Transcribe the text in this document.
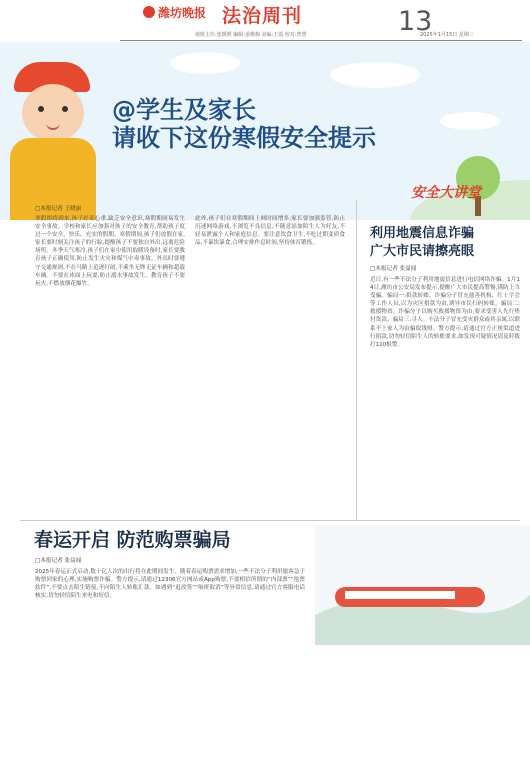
潍坊晚报 法治周刊	13
值班主任:张媛媛 编辑:姜楷梅 美编:王霞 校对:曾慧	2025年1月15日 星期三
@学生及家长
请收下这份寒假安全提示
安全大讲堂
□本报记者 王晓丽
寒假即将到来,孩子好奇心重,缺乏安全意识,寒假期间易发生安全事故。学校和家长应加强对孩子的安全教育,帮助孩子度过一个安全、快乐、充实的假期。寒假期间,孩子们放假在家,家长要时刻关注孩子的行踪,提醒孩子不要独自外出,远离危险场所。冬季天气寒冷,孩子们在家中使用取暖设备时,家长要教育孩子正确使用,防止发生火灾和煤气中毒事故。外出时要遵守交通规则,不在马路上追逐打闹,不乘坐无牌无证车辆和超载车辆。不要在冰面上玩耍,防止溺水事故发生。教育孩子不要玩火,不燃放烟花爆竹。
此外,孩子们在寒假期间上网时间增多,家长要加强监管,防止沉迷网络游戏,不浏览不良信息,不随意添加陌生人为好友,不轻易泄露个人和家庭信息。要注意饮食卫生,不吃过期变质食品,不暴饮暴食,合理安排作息时间,坚持体育锻炼。
利用地震信息诈骗
广大市民请擦亮眼
□本报记者 张曼闻
近日,有一些不法分子利用地震信息进行电信网络诈骗。1月14日,潍坊市公安局发布提示,提醒广大市民提高警惕,谨防上当受骗。骗局一:捐款转账。诈骗分子冒充慈善机构、红十字会等工作人员,以为灾区捐款为由,诱导市民扫码转账。骗局二:救援物资。诈骗分子以购买救援物资为由,要求受害人先行垫付货款。骗局三:寻人。不法分子冒充受灾群众或其亲属,以联系不上家人为由骗取钱财。警方提示:请通过官方正规渠道进行捐款,切勿轻信陌生人的转账要求,如发现可疑情况请及时拨打110报警。
春运开启 防范购票骗局
□本报记者 张益闻
2025年春运正式启动,数十亿人次的出行将在此期间发生。随着春运购票需求增加,一些不法分子利用旅客急于购票回家的心理,实施购票诈骗。警方提示,请通过12306官方网站或App购票,不要相信所谓的“内部票”“抢票软件”,不要点击陌生链接,不向陌生人转账汇款。如遇到“退改签”“航班取消”等异常信息,请通过官方客服电话核实,切勿轻信陌生来电和短信。
